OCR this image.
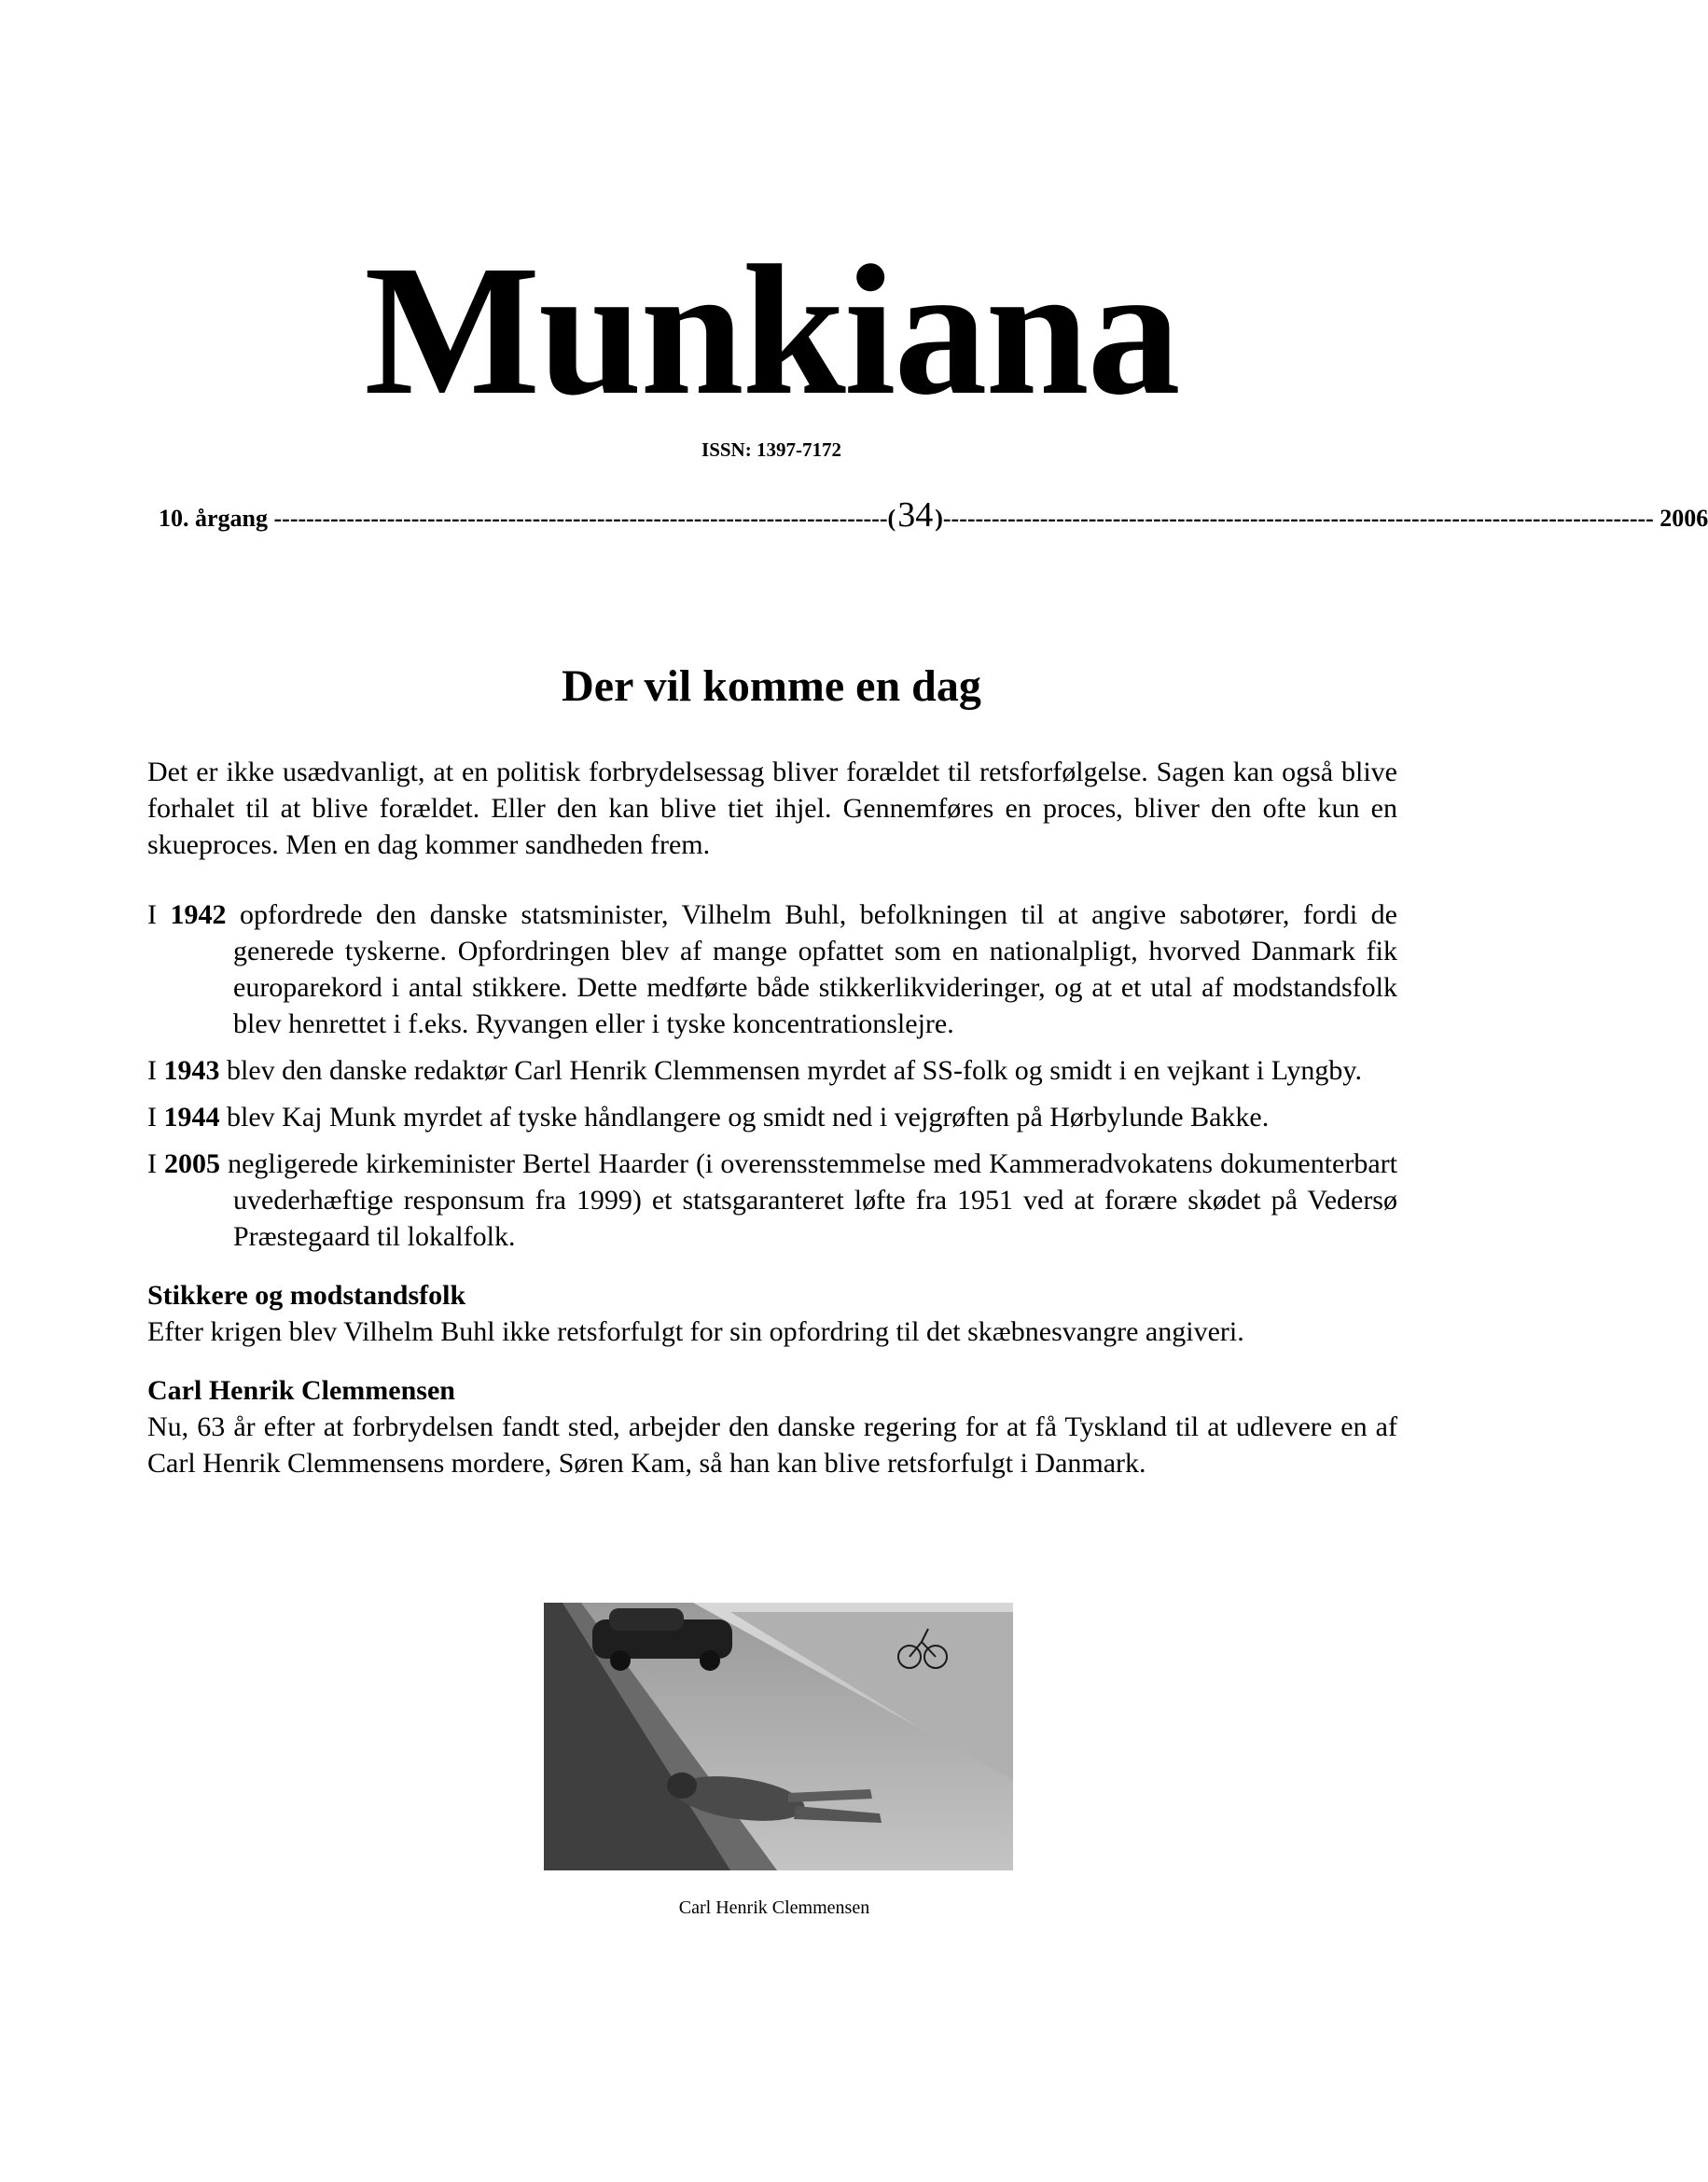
Munkiana
ISSN: 1397-7172
10. årgang
---------------------------------------------------------------------------- ( 34 ) ----------------------------------------------------------------------------------------
2006
Der vil komme en dag

Det er ikke usædvanligt, at en politisk forbrydelsessag bliver forældet til retsforfølgelse. Sagen kan også blive forhalet til at blive forældet. Eller den kan blive tiet ihjel. Gennemføres en proces, bliver den ofte kun en skueproces. Men en dag kommer sandheden frem.

I 1942 opfordrede den danske statsminister, Vilhelm Buhl, befolkningen til at angive sabotører, fordi de generede tyskerne. Opfordringen blev af mange opfattet som en nationalpligt, hvorved Danmark fik europarekord i antal stikkere. Dette medførte både stikkerlikvideringer, og at et utal af modstandsfolk blev henrettet i f.eks. Ryvangen eller i tyske koncentrationslejre.

I 1943 blev den danske redaktør Carl Henrik Clemmensen myrdet af SS-folk og smidt i en vejkant i Lyngby.

I 1944 blev Kaj Munk myrdet af tyske håndlangere og smidt ned i vejgrøften på Hørbylunde Bakke.

I 2005 negligerede kirkeminister Bertel Haarder (i overensstemmelse med Kammeradvokatens dokumenterbart uvederhæftige responsum fra 1999) et statsgaranteret løfte fra 1951 ved at forære skødet på Vedersø Præstegaard til lokalfolk.

Stikkere og modstandsfolk

Efter krigen blev Vilhelm Buhl ikke retsforfulgt for sin opfordring til det skæbnesvangre angiveri.

Carl Henrik Clemmensen

Nu, 63 år efter at forbrydelsen fandt sted, arbejder den danske regering for at få Tyskland til at udlevere en af Carl Henrik Clemmensens mordere, Søren Kam, så han kan blive retsforfulgt i Danmark.

Carl Henrik Clemmensen
